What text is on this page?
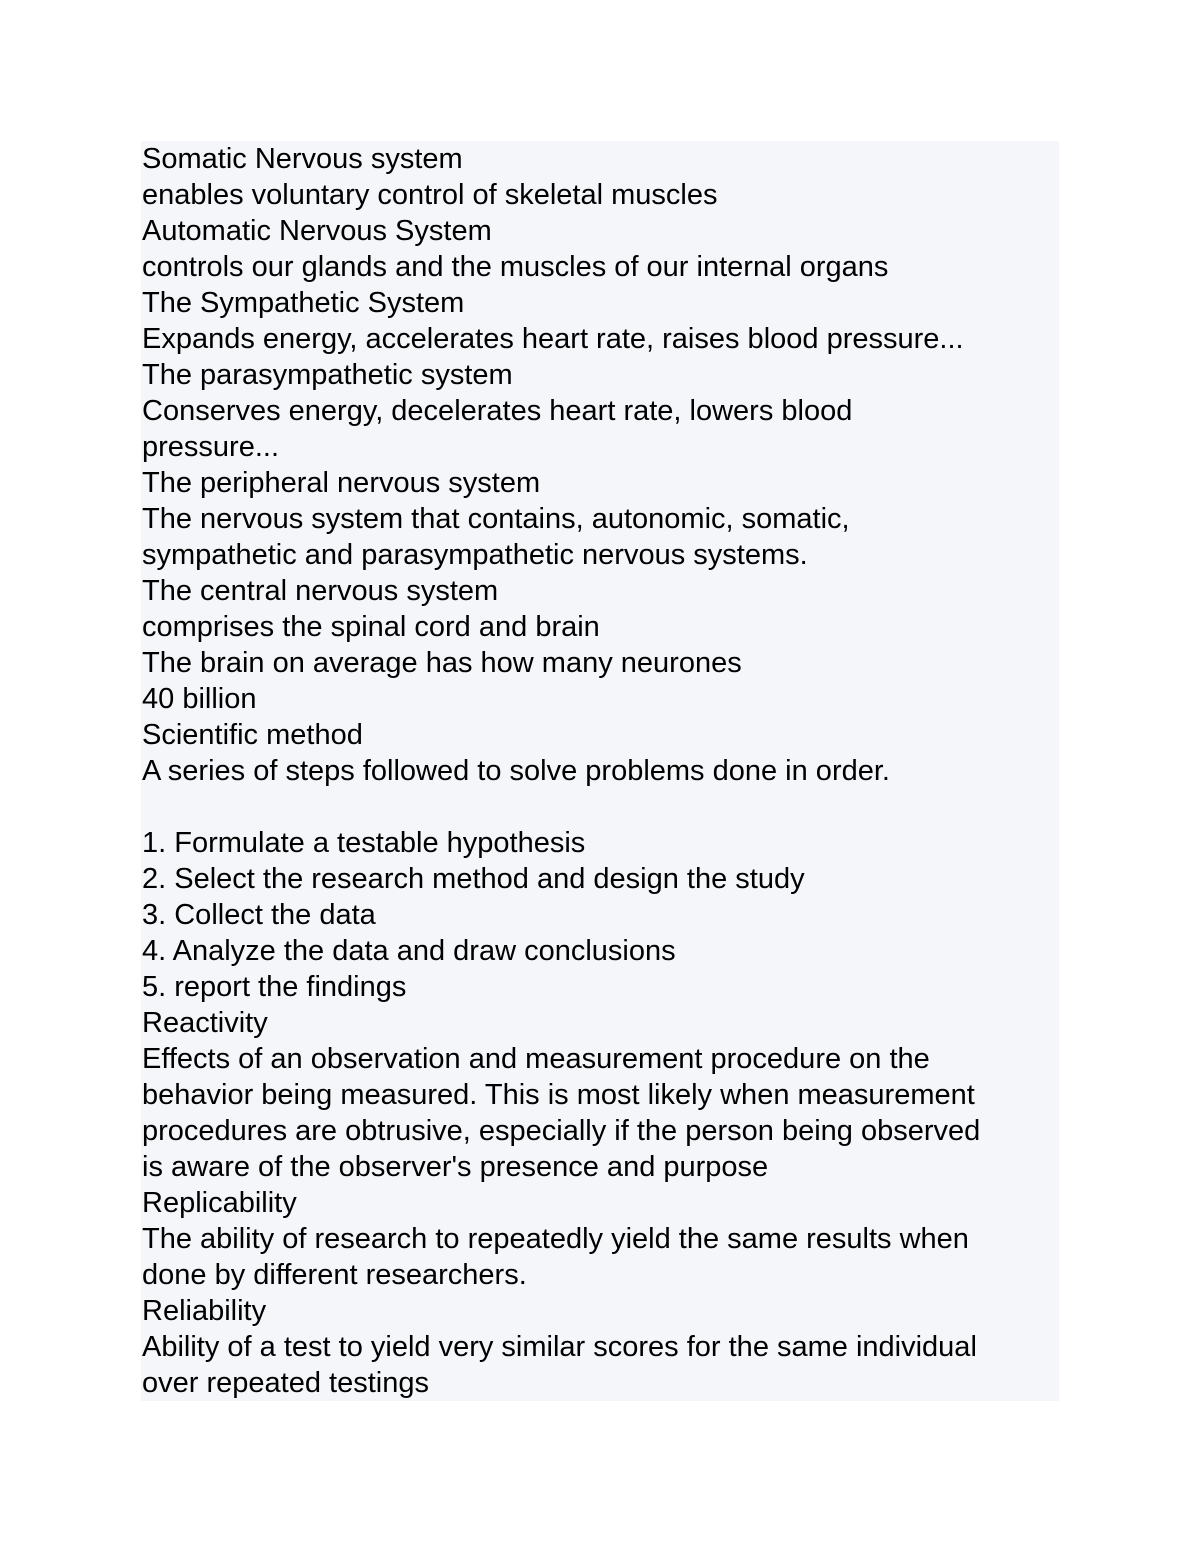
Somatic Nervous system
enables voluntary control of skeletal muscles
Automatic Nervous System
controls our glands and the muscles of our internal organs
The Sympathetic System
Expands energy, accelerates heart rate, raises blood pressure...
The parasympathetic system
Conserves energy, decelerates heart rate, lowers blood
pressure...
The peripheral nervous system
The nervous system that contains, autonomic, somatic,
sympathetic and parasympathetic nervous systems.
The central nervous system
comprises the spinal cord and brain
The brain on average has how many neurones
40 billion
Scientific method
A series of steps followed to solve problems done in order.
1. Formulate a testable hypothesis
2. Select the research method and design the study
3. Collect the data
4. Analyze the data and draw conclusions
5. report the findings
Reactivity
Effects of an observation and measurement procedure on the
behavior being measured. This is most likely when measurement
procedures are obtrusive, especially if the person being observed
is aware of the observer's presence and purpose
Replicability
The ability of research to repeatedly yield the same results when
done by different researchers.
Reliability
Ability of a test to yield very similar scores for the same individual
over repeated testings
